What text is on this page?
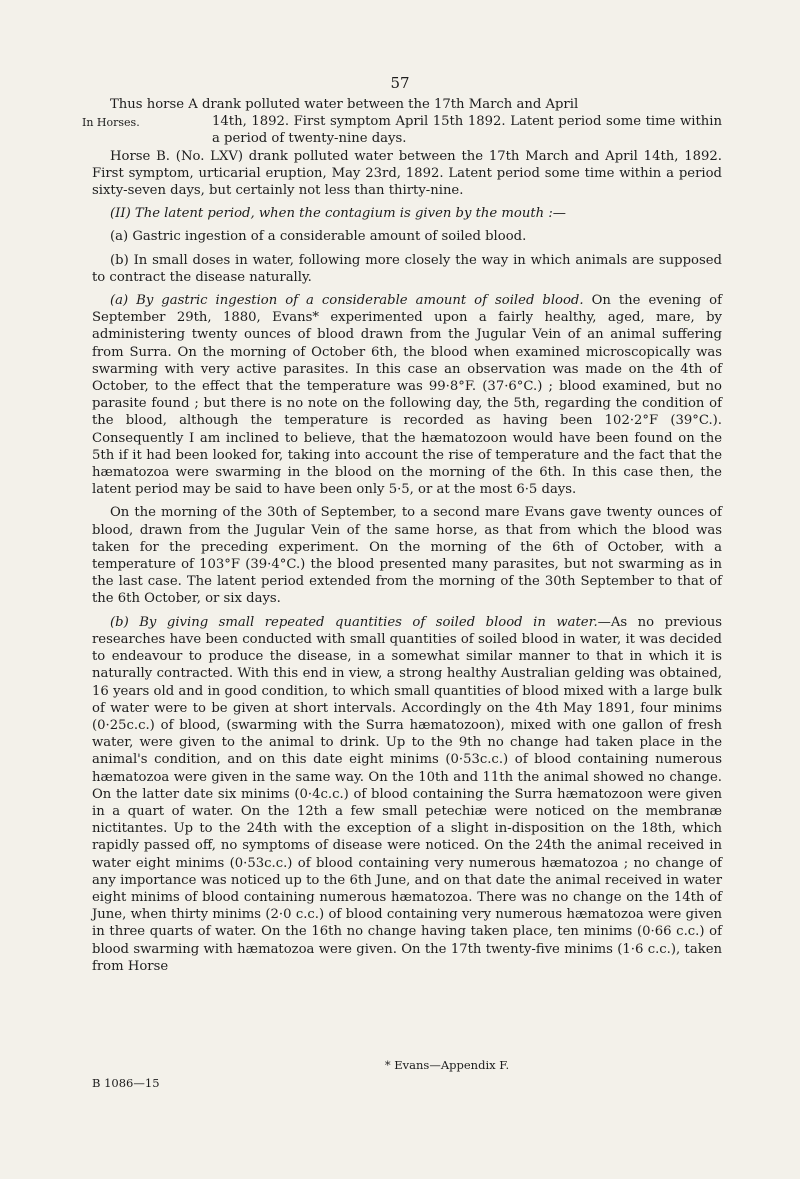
57
In Horses.

Thus horse A drank polluted water between the 17th March and April

14th, 1892. First symptom April 15th 1892. Latent period some time within a period of twenty-nine days.

Horse B. (No. LXV) drank polluted water between the 17th March and April 14th, 1892. First symptom, urticarial eruption, May 23rd, 1892. Latent period some time within a period sixty-seven days, but certainly not less than thirty-nine.

(II) The latent period, when the contagium is given by the mouth :—

(a) Gastric ingestion of a considerable amount of soiled blood.

(b) In small doses in water, following more closely the way in which animals are supposed to contract the disease naturally.

(a) By gastric ingestion of a considerable amount of soiled blood. On the evening of September 29th, 1880, Evans* experimented upon a fairly healthy, aged, mare, by administering twenty ounces of blood drawn from the Jugular Vein of an animal suffering from Surra. On the morning of October 6th, the blood when examined microscopically was swarming with very active parasites. In this case an observation was made on the 4th of October, to the effect that the temperature was 99·8°F. (37·6°C.) ; blood examined, but no parasite found ; but there is no note on the following day, the 5th, regarding the condition of the blood, although the temperature is recorded as having been 102·2°F (39°C.). Consequently I am inclined to believe, that the hæmatozoon would have been found on the 5th if it had been looked for, taking into account the rise of temperature and the fact that the hæmatozoa were swarming in the blood on the morning of the 6th. In this case then, the latent period may be said to have been only 5·5, or at the most 6·5 days.

On the morning of the 30th of September, to a second mare Evans gave twenty ounces of blood, drawn from the Jugular Vein of the same horse, as that from which the blood was taken for the preceding experiment. On the morning of the 6th of October, with a temperature of 103°F (39·4°C.) the blood presented many parasites, but not swarming as in the last case. The latent period extended from the morning of the 30th September to that of the 6th October, or six days.

(b) By giving small repeated quantities of soiled blood in water.—As no previous researches have been conducted with small quantities of soiled blood in water, it was decided to endeavour to produce the disease, in a somewhat similar manner to that in which it is naturally contracted. With this end in view, a strong healthy Australian gelding was obtained, 16 years old and in good condition, to which small quantities of blood mixed with a large bulk of water were to be given at short intervals. Accordingly on the 4th May 1891, four minims (0·25c.c.) of blood, (swarming with the Surra hæmatozoon), mixed with one gallon of fresh water, were given to the animal to drink. Up to the 9th no change had taken place in the animal's condition, and on this date eight minims (0·53c.c.) of blood containing numerous hæmatozoa were given in the same way. On the 10th and 11th the animal showed no change. On the latter date six minims (0·4c.c.) of blood containing the Surra hæmatozoon were given in a quart of water. On the 12th a few small petechiæ were noticed on the membranæ nictitantes. Up to the 24th with the exception of a slight in-disposition on the 18th, which rapidly passed off, no symptoms of disease were noticed. On the 24th the animal received in water eight minims (0·53c.c.) of blood containing very numerous hæmatozoa ; no change of any importance was noticed up to the 6th June, and on that date the animal received in water eight minims of blood containing numerous hæmatozoa. There was no change on the 14th of June, when thirty minims (2·0 c.c.) of blood containing very numerous hæmatozoa were given in three quarts of water. On the 16th no change having taken place, ten minims (0·66 c.c.) of blood swarming with hæmatozoa were given. On the 17th twenty-five minims (1·6 c.c.), taken from Horse

* Evans—Appendix F.
B 1086—15
